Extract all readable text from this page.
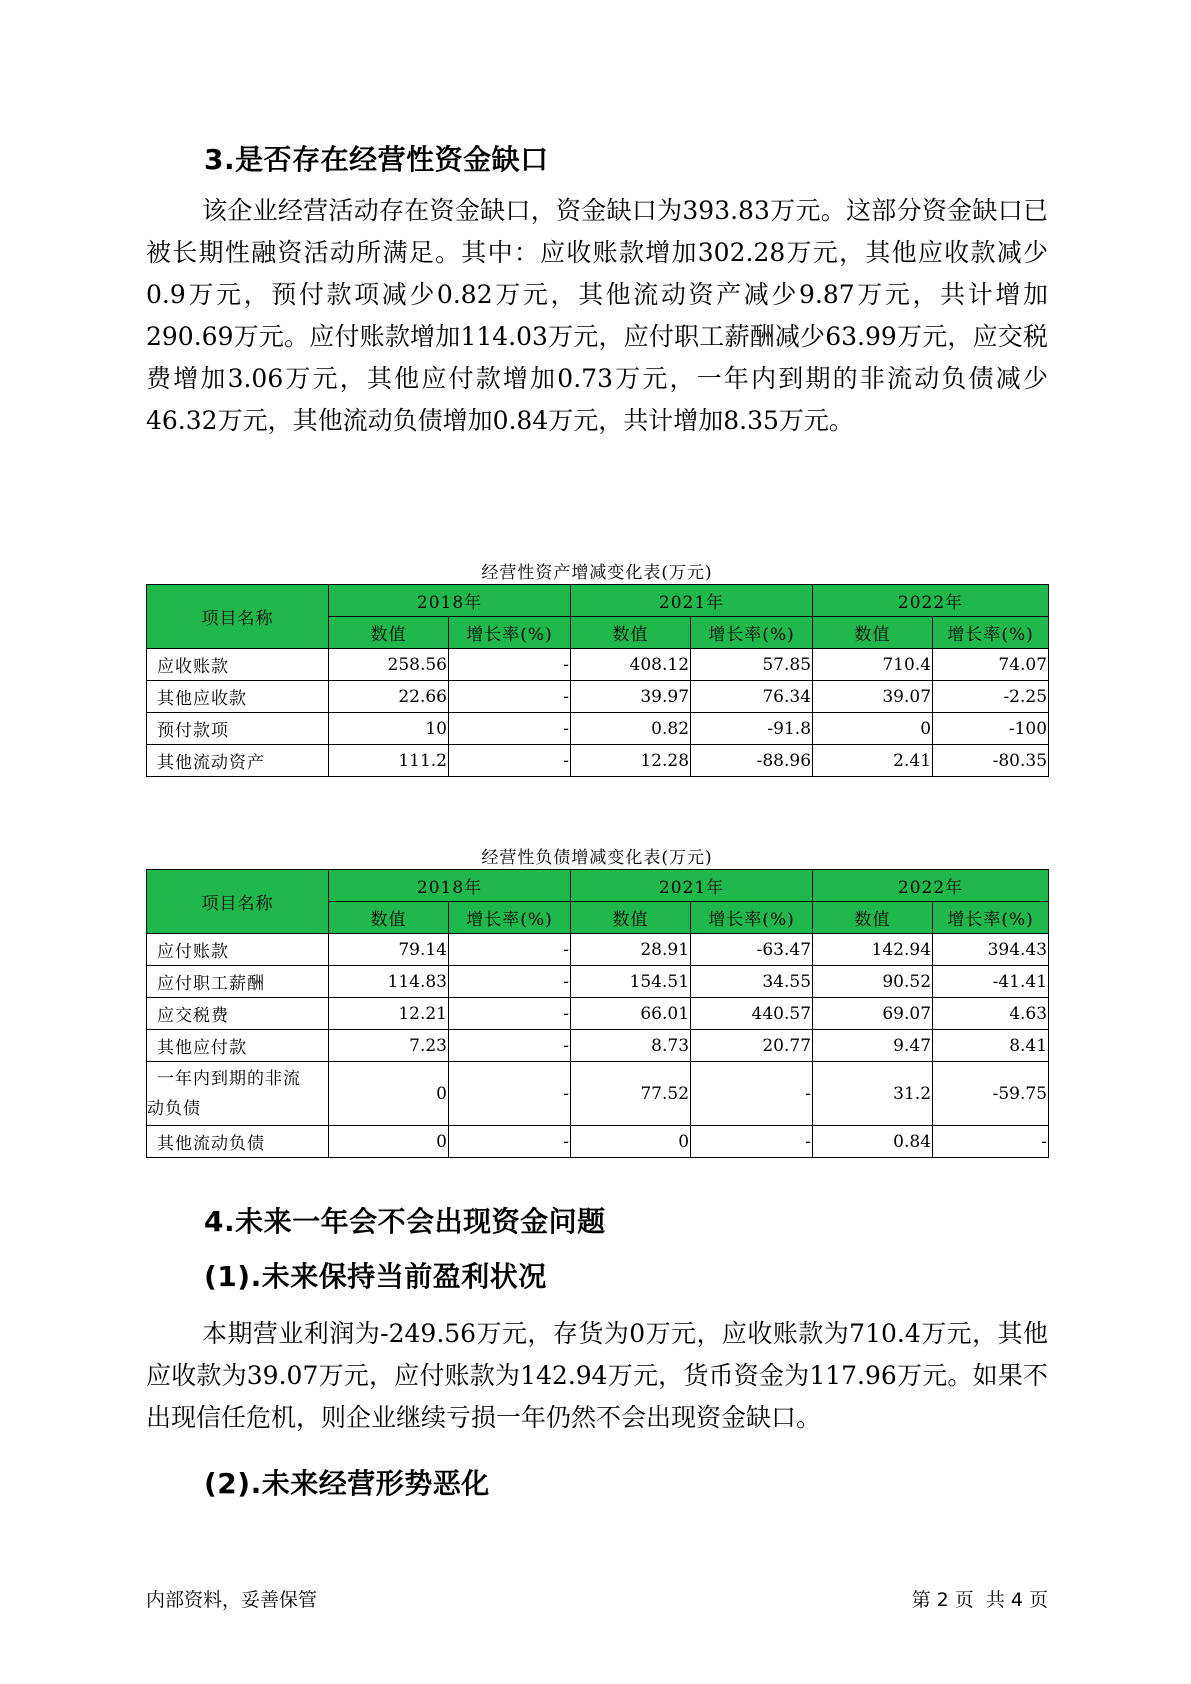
3.是否存在经营性资金缺口

该企业经营活动存在资金缺口，资金缺口为393.83万元。这部分资金缺口已被长期性融资活动所满足。其中：应收账款增加302.28万元，其他应收款减少0.9万元，预付款项减少0.82万元，其他流动资产减少9.87万元，共计增加290.69万元。应付账款增加114.03万元，应付职工薪酬减少63.99万元，应交税费增加3.06万元，其他应付款增加0.73万元，一年内到期的非流动负债减少46.32万元，其他流动负债增加0.84万元，共计增加8.35万元。

经营性资产增减变化表(万元)
项目名称	2018年		2021年		2022年	
	数值	增长率(%)	数值	增长率(%)	数值	增长率(%)
应收账款	258.56	-	408.12	57.85	710.4	74.07
其他应收款	22.66	-	39.97	76.34	39.07	-2.25
预付款项	10	-	0.82	-91.8	0	-100
其他流动资产	111.2	-	12.28	-88.96	2.41	-80.35
经营性负债增减变化表(万元)
项目名称	2018年		2021年		2022年	
	数值	增长率(%)	数值	增长率(%)	数值	增长率(%)
应付账款	79.14	-	28.91	-63.47	142.94	394.43
应付职工薪酬	114.83	-	154.51	34.55	90.52	-41.41
应交税费	12.21	-	66.01	440.57	69.07	4.63
其他应付款	7.23	-	8.73	20.77	9.47	8.41
一年内到期的非流
动负债	0	-	77.52	-	31.2	-59.75
其他流动负债	0	-	0	-	0.84	-
4.未来一年会不会出现资金问题
(1).未来保持当前盈利状况

本期营业利润为-249.56万元，存货为0万元，应收账款为710.4万元，其他应收款为39.07万元，应付账款为142.94万元，货币资金为117.96万元。如果不出现信任危机，则企业继续亏损一年仍然不会出现资金缺口。

(2).未来经营形势恶化
内部资料，妥善保管	第 2 页  共 4 页
